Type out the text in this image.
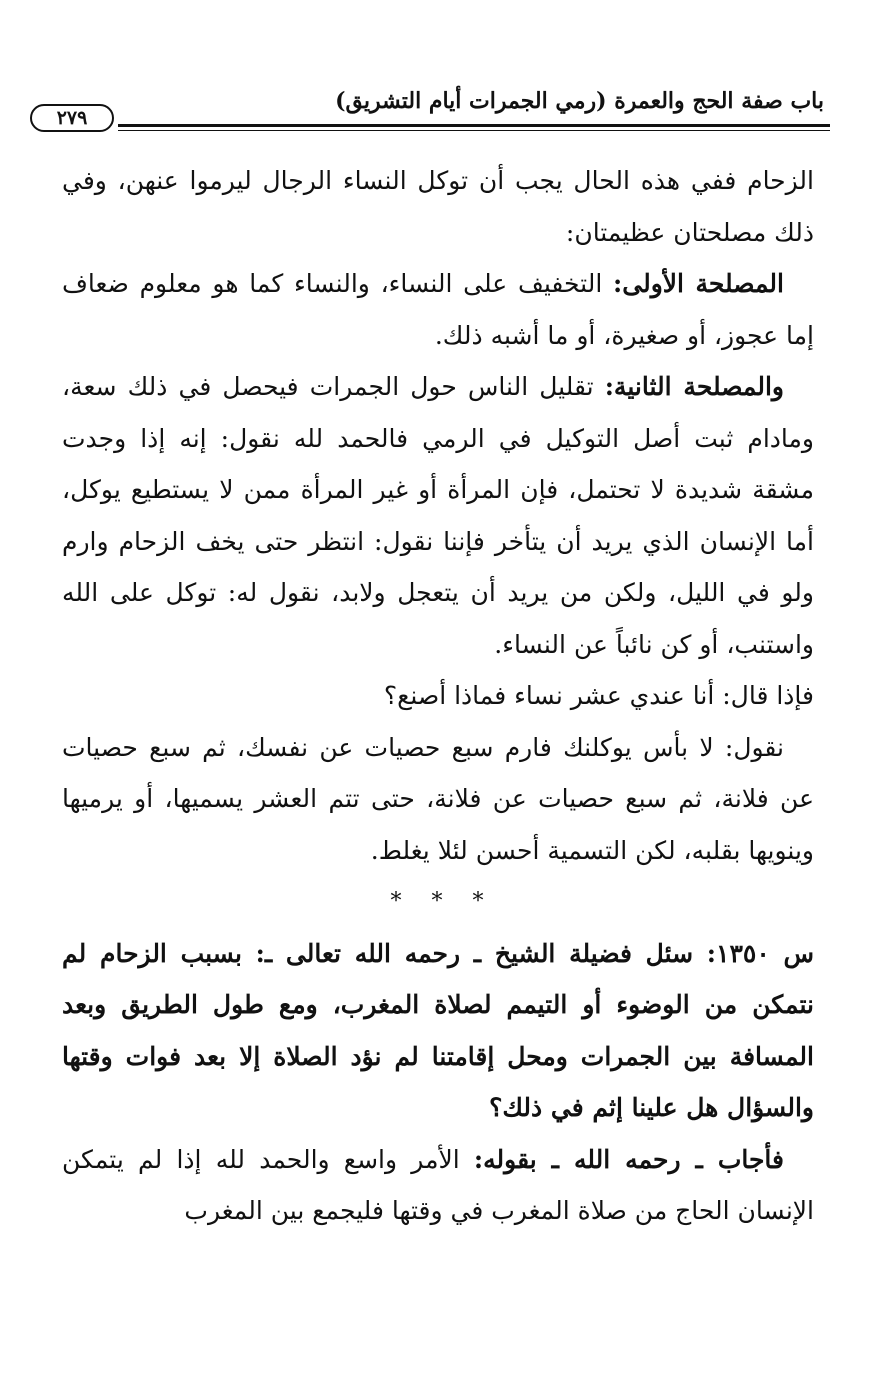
باب صفة الحج والعمرة (رمي الجمرات أيام التشريق)
٢٧٩

الزحام ففي هذه الحال يجب أن توكل النساء الرجال ليرموا عنهن، وفي ذلك مصلحتان عظيمتان:

المصلحة الأولى: التخفيف على النساء، والنساء كما هو معلوم ضعاف إما عجوز، أو صغيرة، أو ما أشبه ذلك.

والمصلحة الثانية: تقليل الناس حول الجمرات فيحصل في ذلك سعة، ومادام ثبت أصل التوكيل في الرمي فالحمد لله نقول: إنه إذا وجدت مشقة شديدة لا تحتمل، فإن المرأة أو غير المرأة ممن لا يستطيع يوكل، أما الإنسان الذي يريد أن يتأخر فإننا نقول: انتظر حتى يخف الزحام وارم ولو في الليل، ولكن من يريد أن يتعجل ولابد، نقول له: توكل على الله واستنب، أو كن نائباً عن النساء.

فإذا قال: أنا عندي عشر نساء فماذا أصنع؟

نقول: لا بأس يوكلنك فارم سبع حصيات عن نفسك، ثم سبع حصيات عن فلانة، ثم سبع حصيات عن فلانة، حتى تتم العشر يسميها، أو يرميها وينويها بقلبه، لكن التسمية أحسن لئلا يغلط.

***

س ١٣٥٠: سئل فضيلة الشيخ ـ رحمه الله تعالى ـ: بسبب الزحام لم نتمكن من الوضوء أو التيمم لصلاة المغرب، ومع طول الطريق وبعد المسافة بين الجمرات ومحل إقامتنا لم نؤد الصلاة إلا بعد فوات وقتها والسؤال هل علينا إثم في ذلك؟

فأجاب ـ رحمه الله ـ بقوله: الأمر واسع والحمد لله إذا لم يتمكن الإنسان الحاج من صلاة المغرب في وقتها فليجمع بين المغرب
